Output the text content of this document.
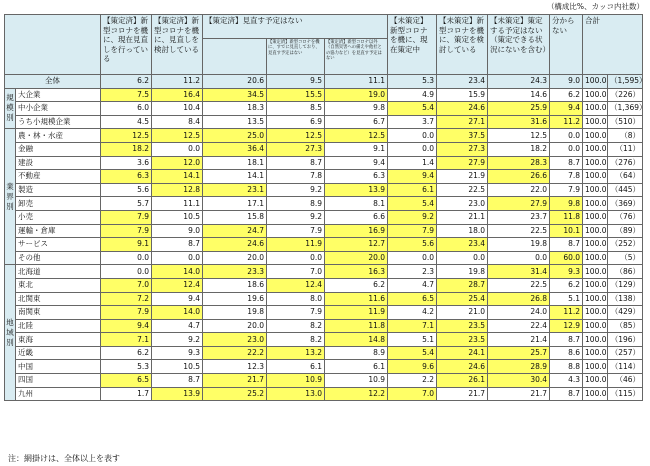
（構成比%、カッコ内社数）
		【策定済】新型コロナを機に、現在見直しを行っている	【策定済】新型コロナを機に、見直しを検討している	【策定済】見直す予定はない			【未策定】新型コロナを機に、現在策定中	【未策定】新型コロナを機に、策定を検討している	【未策定】策定する予定はない（策定できる状況にないを含む）	分からない	合計	
					【策定済】新型コロナを機に、すでに見直しており、見直す予定はない	【策定済】新型コロナ以外（自然災害への備えや他社との協力など）を見直す予定はない						
全体		6.2	11.2	20.6	9.5	11.1	5.3	23.4	24.3	9.0	100.0	（1,595）
規模別	大企業	7.5	16.4	34.5	15.5	19.0	4.9	15.9	14.6	6.2	100.0	（226）
	中小企業	6.0	10.4	18.3	8.5	9.8	5.4	24.6	25.9	9.4	100.0	（1,369）
	うち小規模企業	4.5	8.4	13.5	6.9	6.7	3.7	27.1	31.6	11.2	100.0	（510）
業界別	農・林・水産	12.5	12.5	25.0	12.5	12.5	0.0	37.5	12.5	0.0	100.0	（8）
	金融	18.2	0.0	36.4	27.3	9.1	0.0	27.3	18.2	0.0	100.0	（11）
	建設	3.6	12.0	18.1	8.7	9.4	1.4	27.9	28.3	8.7	100.0	（276）
	不動産	6.3	14.1	14.1	7.8	6.3	9.4	21.9	26.6	7.8	100.0	（64）
	製造	5.6	12.8	23.1	9.2	13.9	6.1	22.5	22.0	7.9	100.0	（445）
	卸売	5.7	11.1	17.1	8.9	8.1	5.4	23.0	27.9	9.8	100.0	（369）
	小売	7.9	10.5	15.8	9.2	6.6	9.2	21.1	23.7	11.8	100.0	（76）
	運輸・倉庫	7.9	9.0	24.7	7.9	16.9	7.9	18.0	22.5	10.1	100.0	（89）
	サービス	9.1	8.7	24.6	11.9	12.7	5.6	23.4	19.8	8.7	100.0	（252）
	その他	0.0	0.0	20.0	0.0	20.0	0.0	0.0	0.0	60.0	100.0	（5）
地域別	北海道	0.0	14.0	23.3	7.0	16.3	2.3	19.8	31.4	9.3	100.0	（86）
	東北	7.0	12.4	18.6	12.4	6.2	4.7	28.7	22.5	6.2	100.0	（129）
	北関東	7.2	9.4	19.6	8.0	11.6	6.5	25.4	26.8	5.1	100.0	（138）
	南関東	7.9	14.0	19.8	7.9	11.9	4.2	21.0	24.0	11.2	100.0	（429）
	北陸	9.4	4.7	20.0	8.2	11.8	7.1	23.5	22.4	12.9	100.0	（85）
	東海	7.1	9.2	23.0	8.2	14.8	5.1	23.5	21.4	8.7	100.0	（196）
	近畿	6.2	9.3	22.2	13.2	8.9	5.4	24.1	25.7	8.6	100.0	（257）
	中国	5.3	10.5	12.3	6.1	6.1	9.6	24.6	28.9	8.8	100.0	（114）
	四国	6.5	8.7	21.7	10.9	10.9	2.2	26.1	30.4	4.3	100.0	（46）
	九州	1.7	13.9	25.2	13.0	12.2	7.0	21.7	21.7	8.7	100.0	（115）
注：網掛けは、全体以上を表す
